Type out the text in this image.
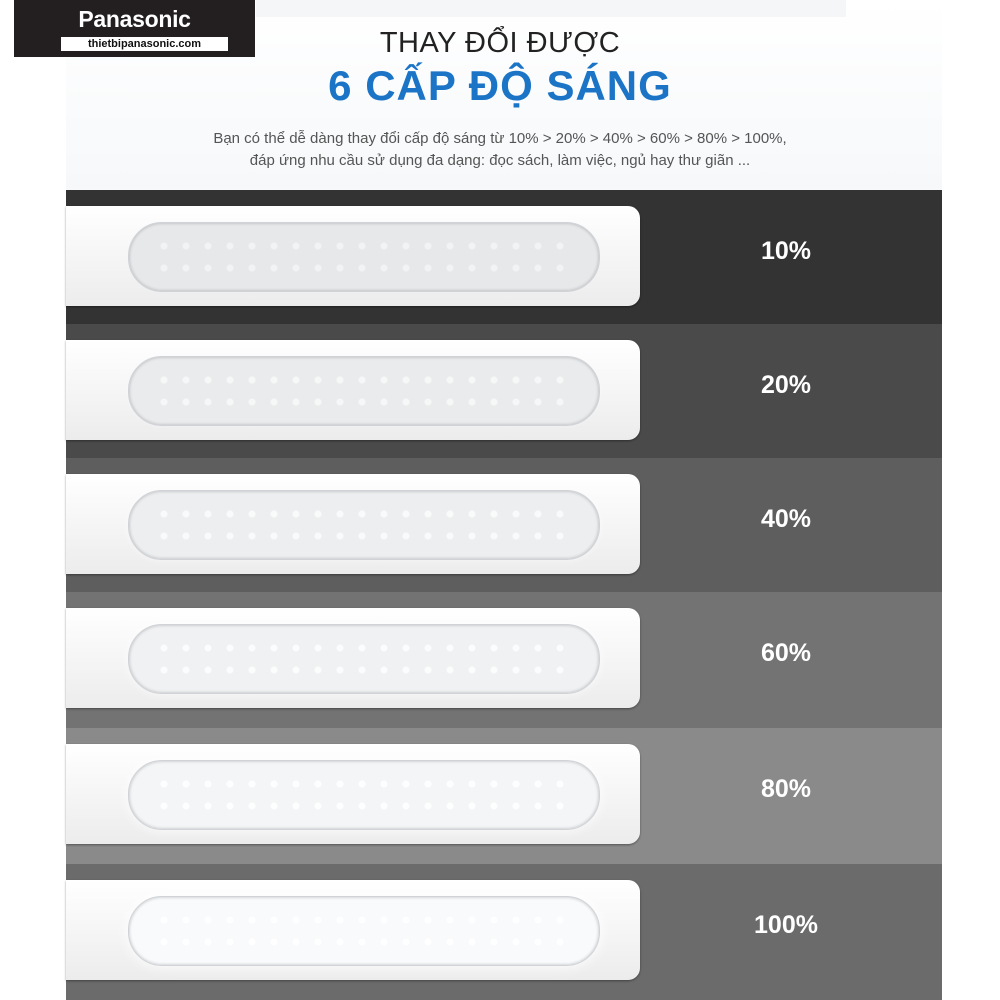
Panasonic
thietbipanasonic.com	THAY ĐỔI ĐƯỢC
6 CẤP ĐỘ SÁNG
Bạn có thể dễ dàng thay đổi cấp độ sáng từ 10% > 20% > 40% > 60% > 80% > 100%,
đáp ứng nhu cầu sử dụng đa dạng: đọc sách, làm việc, ngủ hay thư giãn ...
10%
20%
40%
60%
80%
100%
